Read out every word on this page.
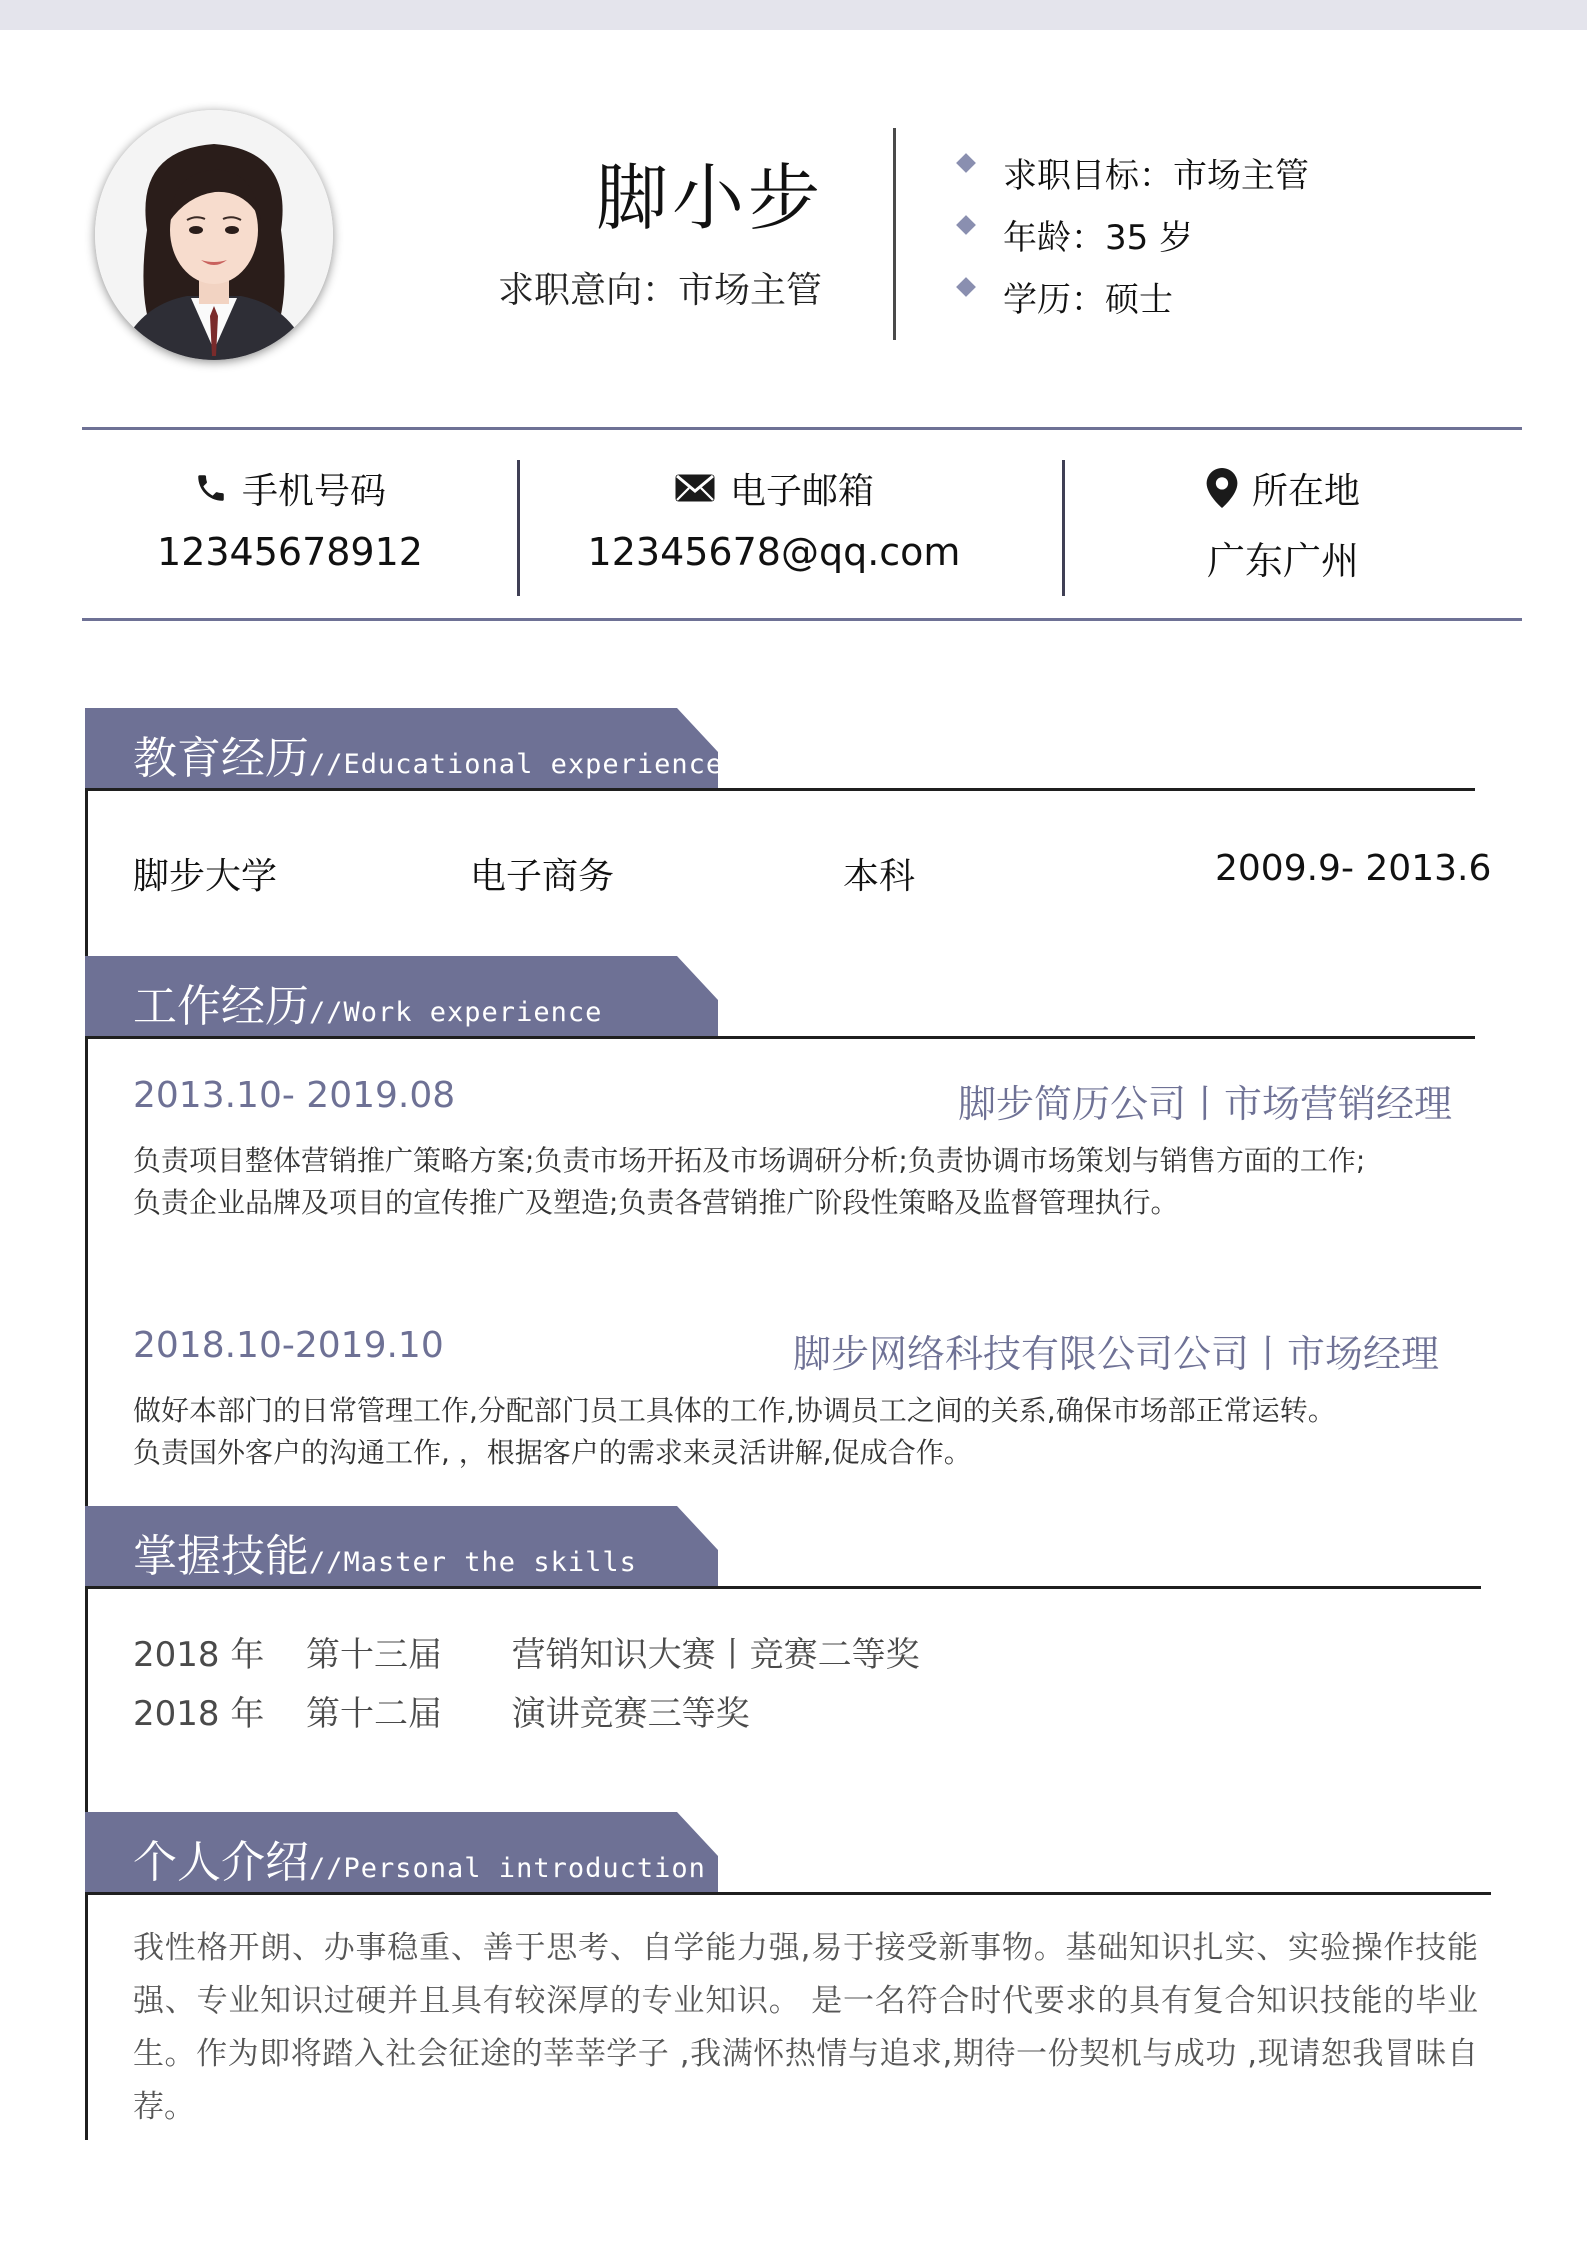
脚小步
求职意向：市场主管
求职目标：市场主管
年龄：35 岁
学历：硕士
手机号码
12345678912
电子邮箱
12345678@qq.com
所在地
广东广州
教育经历//Educational experience
脚步大学	电子商务	本科	2009.9- 2013.6
工作经历//Work experience
2013.10- 2019.08	脚步简历公司丨市场营销经理
负责项目整体营销推广策略方案;负责市场开拓及市场调研分析;负责协调市场策划与销售方面的工作;
负责企业品牌及项目的宣传推广及塑造;负责各营销推广阶段性策略及监督管理执行。
2018.10-2019.10	脚步网络科技有限公司公司丨市场经理
做好本部门的日常管理工作,分配部门员工具体的工作,协调员工之间的关系,确保市场部正常运转。
负责国外客户的沟通工作, ，根据客户的需求来灵活讲解,促成合作。
掌握技能//Master the skills
2018 年 第十三届 营销知识大赛丨竞赛二等奖
2018 年 第十二届 演讲竞赛三等奖
个人介绍//Personal introduction
我性格开朗、办事稳重、善于思考、自学能力强,易于接受新事物。基础知识扎实、实验操作技能强、专业知识过硬并且具有较深厚的专业知识。 是一名符合时代要求的具有复合知识技能的毕业生。作为即将踏入社会征途的莘莘学子 ,我满怀热情与追求,期待一份契机与成功 ,现请恕我冒昧自荐。
